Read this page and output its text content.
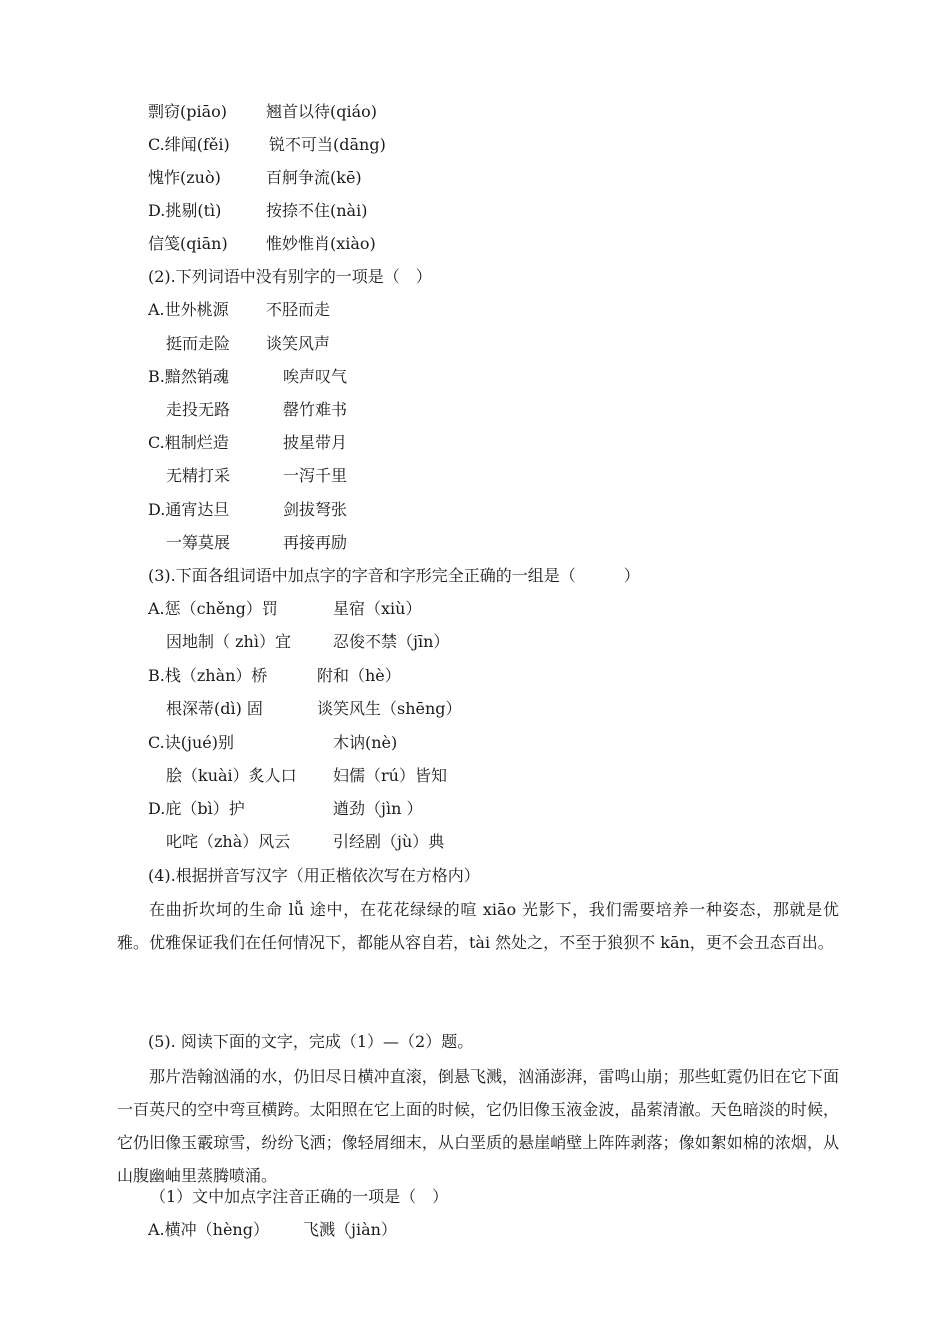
剽窃(piāo) 翘首以待(qiáo)
C.绯闻(fěi) 锐不可当(dāng)
愧怍(zuò)	百舸争流(kē)
D.挑剔(tì)	按捺不住(nài)
信笺(qiān) 惟妙惟肖(xiào)
(2).下列词语中没有别字的一项是（　）
A.世外桃源 不胫而走
挺而走险 谈笑风声
B.黯然销魂	唉声叹气
走投无路	罄竹难书
C.粗制烂造	披星带月
无精打采	一泻千里
D.通宵达旦	剑拔弩张
一筹莫展	再接再励
(3).下面各组词语中加点字的字音和字形完全正确的一组是（　　　）
A.惩（chěng）罚	星宿（xiù）
因地制（ zhì）宜	忍俊不禁（jīn）
B.栈（zhàn）桥	附和（hè）
根深蒂(dì) 固	谈笑风生（shēng）
C.诀(jué)别	木讷(nè)
脍（kuài）炙人口 妇儒（rú）皆知
D.庇（bì）护	遒劲（jìn ）
叱咤（zhà）风云	引经剧（jù）典
(4).根据拼音写汉字（用正楷依次写在方格内）
在曲折坎坷的生命 lǚ 途中，在花花绿绿的喧 xiāo 光影下，我们需要培养一种姿态，那就是优雅。优雅保证我们在任何情况下，都能从容自若，tài 然处之，不至于狼狈不 kān，更不会丑态百出。
(5). 阅读下面的文字，完成（1）—（2）题。
那片浩翰汹涌的水，仍旧尽日横冲直滚，倒悬飞溅，汹涌澎湃，雷鸣山崩；那些虹霓仍旧在它下面一百英尺的空中弯亘横跨。太阳照在它上面的时候，它仍旧像玉液金波，晶萦清澈。天色暗淡的时候，它仍旧像玉霰琼雪，纷纷飞洒；像轻屑细末，从白垩质的悬崖峭壁上阵阵剥落；像如絮如棉的浓烟，从山腹幽岫里蒸腾喷涌。
（1）文中加点字注音正确的一项是（　）
A.横冲（hèng） 飞溅（jiàn）
